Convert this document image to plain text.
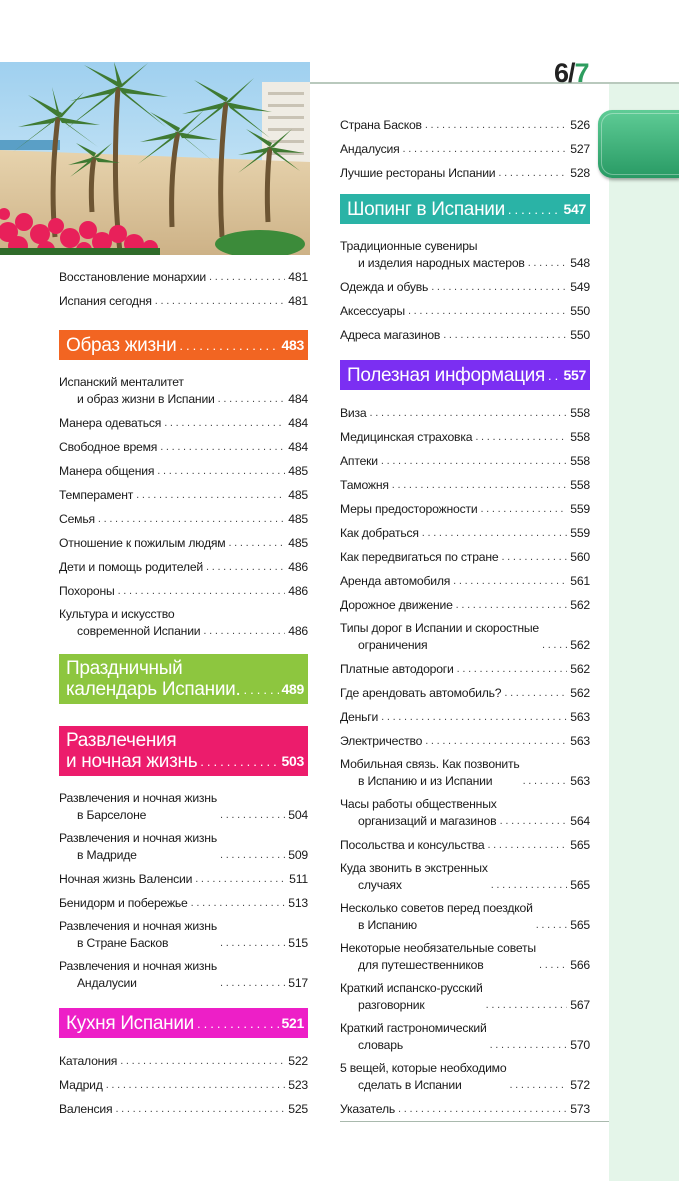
6/7
Восстановление монархии . . .	481
Испания сегодня . . .	481
Образ жизни . . .	483
Испанский менталитет
и образ жизни в Испании . . .	484
Манера одеваться . . .	484
Свободное время . . .	484
Манера общения . . .	485
Темперамент . . .	485
Семья . . .	485
Отношение к пожилым людям . . .	485
Дети и помощь родителей . . .	486
Похороны . . .	486
Культура и искусство
современной Испании . . .	486
Праздничный
календарь Испании. . . .	489
Развлечения
и ночная жизнь . . .	503
Развлечения и ночная жизнь
в Барселоне . . .	504
Развлечения и ночная жизнь
в Мадриде . . .	509
Ночная жизнь Валенсии . . .	511
Бенидорм и побережье . . .	513
Развлечения и ночная жизнь
в Стране Басков . . .	515
Развлечения и ночная жизнь
Андалусии . . .	517
Кухня Испании . . .	521
Каталония . . .	522
Мадрид . . .	523
Валенсия . . .	525
Страна Басков . . .	526
Андалусия . . .	527
Лучшие рестораны Испании . . .	528
Шопинг в Испании . . .	547
Традиционные сувениры
и изделия народных мастеров . . .	548
Одежда и обувь . . .	549
Аксессуары . . .	550
Адреса магазинов . . .	550
Полезная информация . . . 557
Виза . . .	558
Медицинская страховка . . .	558
Аптеки . . .	558
Таможня . . .	558
Меры предосторожности . . .	559
Как добраться . . .	559
Как передвигаться по стране . . .	560
Аренда автомобиля . . .	561
Дорожное движение . . .	562
Типы дорог в Испании и скоростные
ограничения . . .	562
Платные автодороги . . .	562
Где арендовать автомобиль? . . .	562
Деньги . . .	563
Электричество . . .	563
Мобильная связь. Как позвонить
в Испанию и из Испании . . .	563
Часы работы общественных
организаций и магазинов . . .	564
Посольства и консульства . . .	565
Куда звонить в экстренных
случаях . . .	565
Несколько советов перед поездкой
в Испанию . . .	565
Некоторые необязательные советы
для путешественников . . .	566
Краткий испанско-русский
разговорник . . .	567
Краткий гастрономический
словарь . . .	570
5 вещей, которые необходимо
сделать в Испании . . .	572
Указатель . . .	573
